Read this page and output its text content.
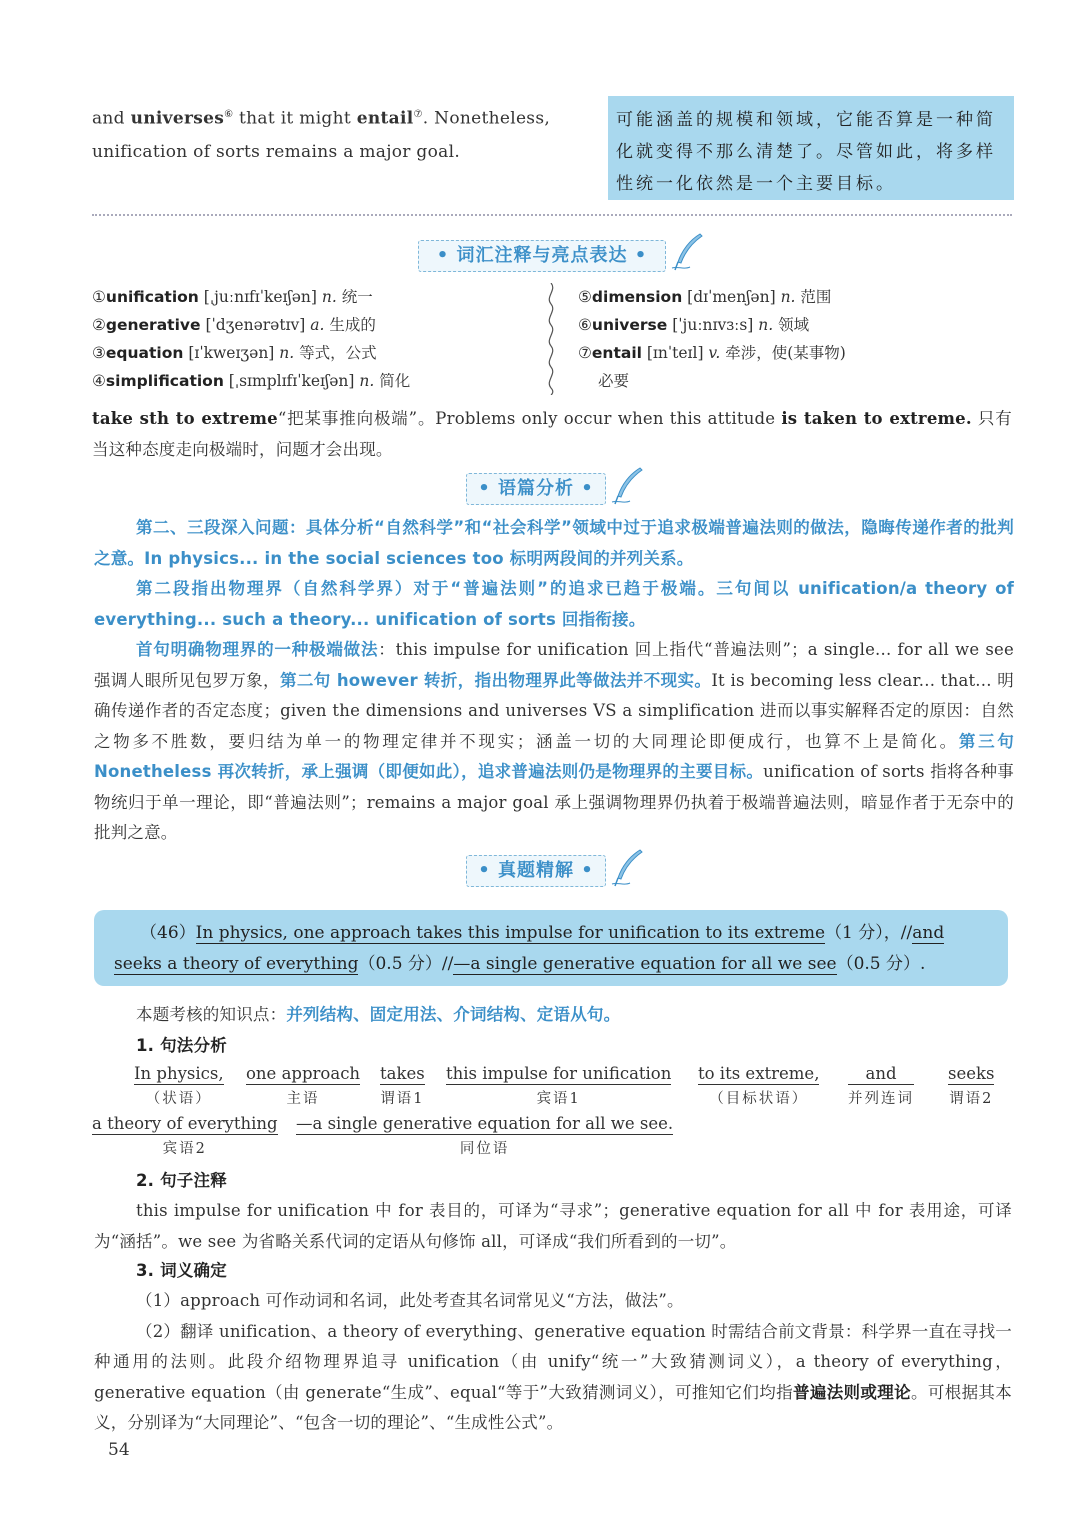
and universes⑥ that it might entail⑦. Nonetheless,
unification of sorts remains a major goal.
可能涵盖的规模和领域，它能否算是一种简化就变得不那么清楚了。尽管如此，将多样性统一化依然是一个主要目标。
• 词汇注释与亮点表达 •
①unification [ˌjuːnɪfɪˈkeɪʃən] n. 统一
②generative [ˈdʒenərətɪv] a. 生成的
③equation [ɪˈkweɪʒən] n. 等式，公式
④simplification [ˌsɪmplɪfɪˈkeɪʃən] n. 简化
⑤dimension [dɪˈmenʃən] n. 范围
⑥universe [ˈjuːnɪvɜːs] n. 领域
⑦entail [ɪnˈteɪl] v. 牵涉，使(某事物)
必要
take sth to extreme“把某事推向极端”。Problems only occur when this attitude is taken to extreme. 只有当这种态度走向极端时，问题才会出现。
• 语篇分析 •
第二、三段深入问题：具体分析“自然科学”和“社会科学”领域中过于追求极端普遍法则的做法，隐晦传递作者的批判之意。In physics... in the social sciences too 标明两段间的并列关系。
第二段指出物理界（自然科学界）对于“普遍法则”的追求已趋于极端。三句间以 unification/a theory of everything... such a theory... unification of sorts 回指衔接。
首句明确物理界的一种极端做法：this impulse for unification 回上指代“普遍法则”；a single... for all we see 强调人眼所见包罗万象，第二句 however 转折，指出物理界此等做法并不现实。It is becoming less clear... that... 明确传递作者的否定态度；given the dimensions and universes VS a simplification 进而以事实解释否定的原因：自然之物多不胜数，要归结为单一的物理定律并不现实；涵盖一切的大同理论即便成行，也算不上是简化。第三句 Nonetheless 再次转折，承上强调（即便如此），追求普遍法则仍是物理界的主要目标。unification of sorts 指将各种事物统归于单一理论，即“普遍法则”；remains a major goal 承上强调物理界仍执着于极端普遍法则，暗显作者于无奈中的批判之意。
• 真题精解 •
（46）In physics, one approach takes this impulse for unification to its extreme（1 分），//and
seeks a theory of everything（0.5 分）//—a single generative equation for all we see（0.5 分）.
本题考核的知识点：并列结构、固定用法、介词结构、定语从句。
1. 句法分析
In physics,
（状语）
one approach
主语
takes
谓语1
this impulse for unification
宾语1
to its extreme,
（目标状语）
and
并列连词
seeks
谓语2
a theory of everything
宾语2
—a single generative equation for all we see.
同位语
2. 句子注释
this impulse for unification 中 for 表目的，可译为“寻求”；generative equation for all 中 for 表用途，可译为“涵括”。we see 为省略关系代词的定语从句修饰 all，可译成“我们所看到的一切”。
3. 词义确定
（1）approach 可作动词和名词，此处考查其名词常见义“方法，做法”。
（2）翻译 unification、a theory of everything、generative equation 时需结合前文背景：科学界一直在寻找一种通用的法则。此段介绍物理界追寻 unification（由 unify“统一”大致猜测词义），a theory of everything，generative equation（由 generate“生成”、equal“等于”大致猜测词义），可推知它们均指普遍法则或理论。可根据其本义，分别译为“大同理论”、“包含一切的理论”、“生成性公式”。
54
